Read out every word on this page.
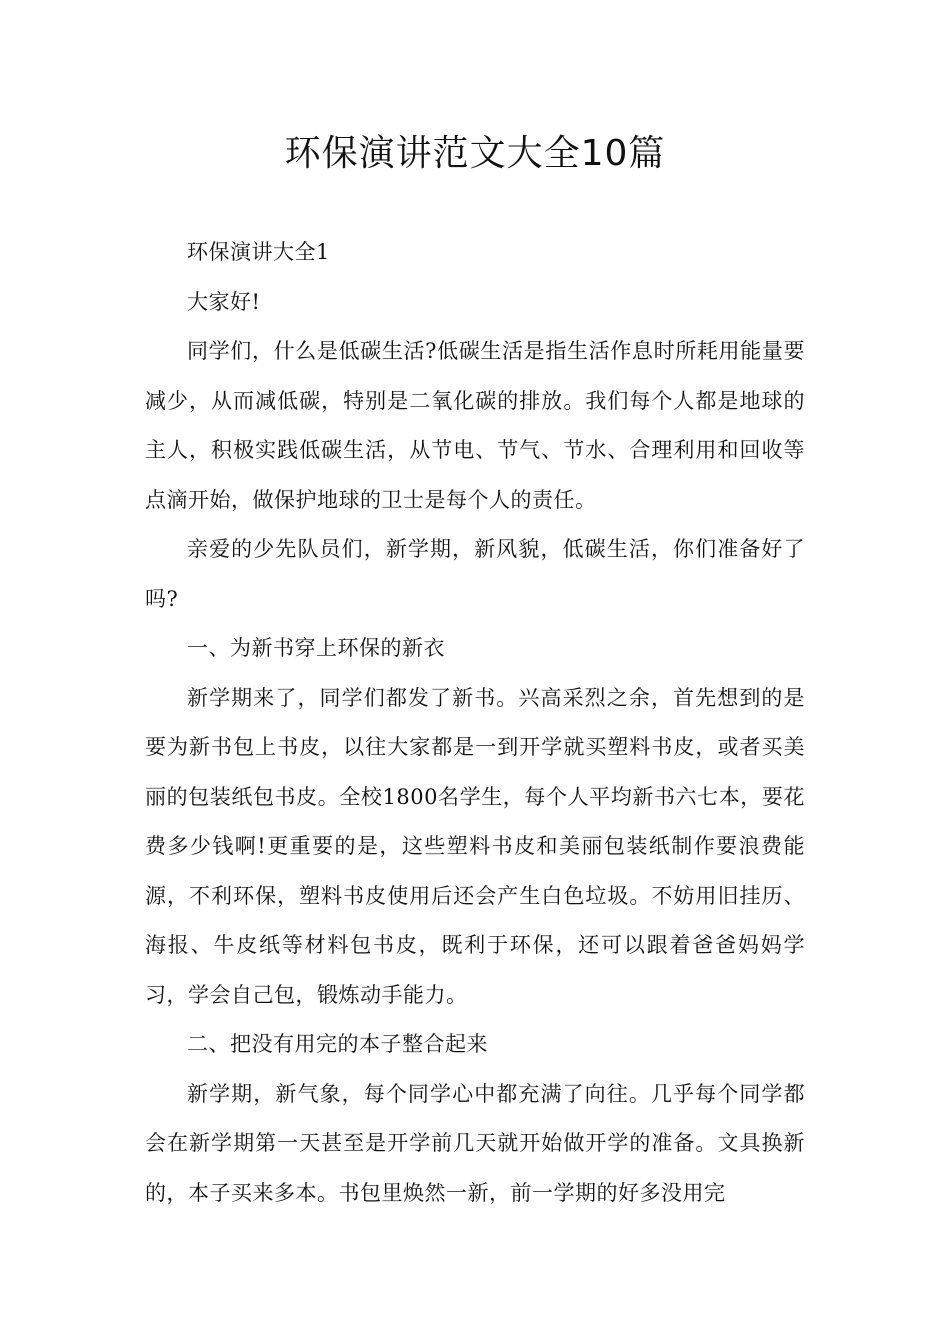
环保演讲范文大全10篇

环保演讲大全1

大家好!

同学们，什么是低碳生活?低碳生活是指生活作息时所耗用能量要减少，从而减低碳，特别是二氧化碳的排放。我们每个人都是地球的主人，积极实践低碳生活，从节电、节气、节水、合理利用和回收等点滴开始，做保护地球的卫士是每个人的责任。

亲爱的少先队员们，新学期，新风貌，低碳生活，你们准备好了吗?

一、为新书穿上环保的新衣

新学期来了，同学们都发了新书。兴高采烈之余，首先想到的是要为新书包上书皮，以往大家都是一到开学就买塑料书皮，或者买美丽的包装纸包书皮。全校1800名学生，每个人平均新书六七本，要花费多少钱啊!更重要的是，这些塑料书皮和美丽包装纸制作要浪费能源，不利环保，塑料书皮使用后还会产生白色垃圾。不妨用旧挂历、海报、牛皮纸等材料包书皮，既利于环保，还可以跟着爸爸妈妈学习，学会自己包，锻炼动手能力。

二、把没有用完的本子整合起来

新学期，新气象，每个同学心中都充满了向往。几乎每个同学都会在新学期第一天甚至是开学前几天就开始做开学的准备。文具换新的，本子买来多本。书包里焕然一新，前一学期的好多没用完
